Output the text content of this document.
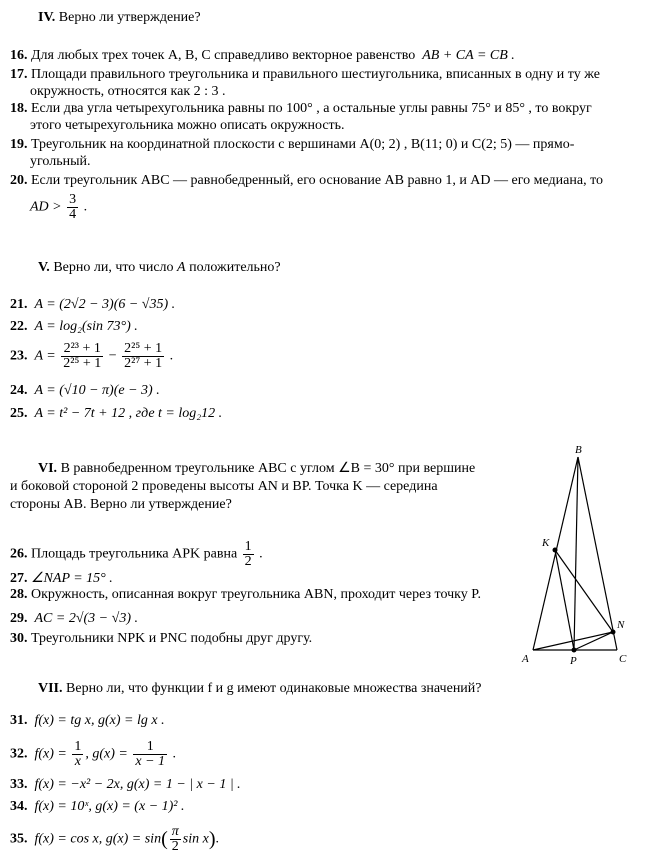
IV. Верно ли утверждение?
16. Для любых трех точек A, B, C справедливо векторное равенство AB + CA = CB .
17. Площади правильного треугольника и правильного шестиугольника, вписанных в одну и ту же
окружность, относятся как 2 : 3 .
18. Если два угла четырехугольника равны по 100° , а остальные углы равны 75° и 85° , то вокруг
этого четырехугольника можно описать окружность.
19. Треугольник на координатной плоскости с вершинами A(0; 2) , B(11; 0) и C(2; 5) — прямо-
угольный.
20. Если треугольник ABC — равнобедренный, его основание AB равно 1, и AD — его медиана, то
AD > $\frac{3}{4}$ .
V. Верно ли, что число A положительно?
21. A = (2√2 − 3)(6 − √35) .
22. A = log₂(sin 73°) .
23. $A = \frac{\text{2²³ + 1}}{\text{2²⁵ + 1}} - \frac{\text{2²⁵ + 1}}{\text{2²⁷ + 1}}$ .
24. A = (√10 − π)(e − 3) .
25. A = t² − 7t + 12 , где t = log₂12 .
VI. В равнобедренном треугольнике ABC с углом ∠B = 30° при вершине
и боковой стороной 2 проведены высоты AN и BP. Точка K — середина
стороны AB. Верно ли утверждение?
26. Площадь треугольника APK равна $\frac{1}{2}$ .
27. ∠NAP = 15° .
28. Окружность, описанная вокруг треугольника ABN, проходит через точку P.
29. AC = 2√(3 − √3) .
30. Треугольники NPK и PNC подобны друг другу.
B
K
N
A	P	C
VII. Верно ли, что функции f и g имеют одинаковые множества значений?
31. f(x) = tg x, g(x) = lg x .
32. $f(x) = \frac{1}{x}$ , $g(x) = \frac{1}{x - 1}$ .
33. f(x) = −x² − 2x, g(x) = 1 − | x − 1 | .
34. f(x) = 10ˣ, g(x) = (x − 1)² .
35. f(x) = cos x, $g(x) = \sin( \frac{\pi}{2}$ sin x).
